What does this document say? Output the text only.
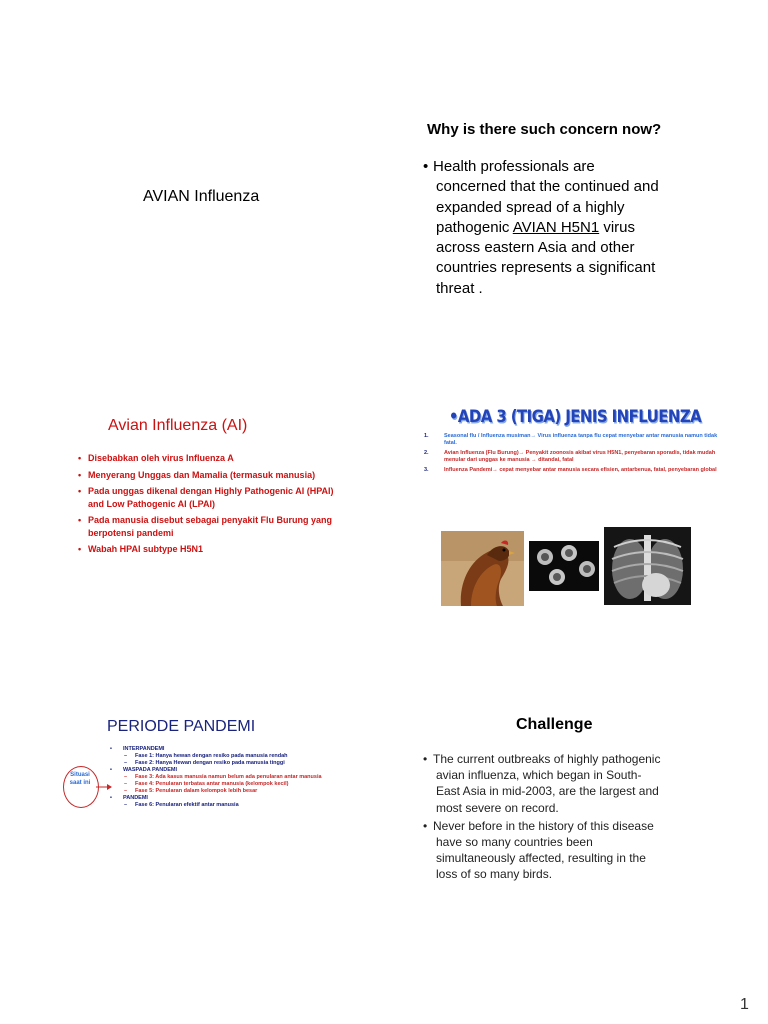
AVIAN Influenza
Why is there such concern now?
• Health professionals are
concerned that the continued and
expanded spread of a highly
pathogenic AVIAN H5N1 virus
across eastern Asia and other
countries represents a significant
threat .
Avian Influenza (AI)
• Disebabkan oleh virus Influenza A
• Menyerang Unggas dan Mamalia (termasuk manusia)
• Pada unggas dikenal dengan Highly Pathogenic AI (HPAI) and Low Pathogenic AI (LPAI)
• Pada manusia disebut sebagai penyakit Flu Burung yang berpotensi pandemi
• Wabah HPAI subtype H5N1
•ADA 3 (TIGA) JENIS INFLUENZA
1.	Seasonal flu / Influenza musiman→ Virus influenza tanpa flu cepat menyebar antar manusia namun tidak fatal.
2.	Avian Influenza (Flu Burung)→ Penyakit zoonosis akibat virus H5N1, penyebaran sporadis, tidak mudah menular dari unggas ke manusia → ditandai, fatal
3.	Influenza Pandemi→ cepat menyebar antar manusia secara efisien, antarbenua, fatal, penyebaran global
PERIODE PANDEMI
Situasi saat ini
• INTERPANDEMI
– Fase 1: Hanya hewan dengan resiko pada manusia rendah
– Fase 2: Hanya Hewan dengan resiko pada manusia tinggi
• WASPADA PANDEMI
– Fase 3: Ada kasus manusia namun belum ada penularan antar manusia
– Fase 4: Penularan terbatas antar manusia (kelompok kecil)
– Fase 5: Penularan dalam kelompok lebih besar
• PANDEMI
– Fase 6: Penularan efektif antar manusia
Challenge
• The current outbreaks of highly pathogenic
avian influenza, which began in South-
East Asia in mid-2003, are the largest and
most severe on record.
• Never before in the history of this disease
have so many countries been
simultaneously affected, resulting in the
loss of so many birds.
1
